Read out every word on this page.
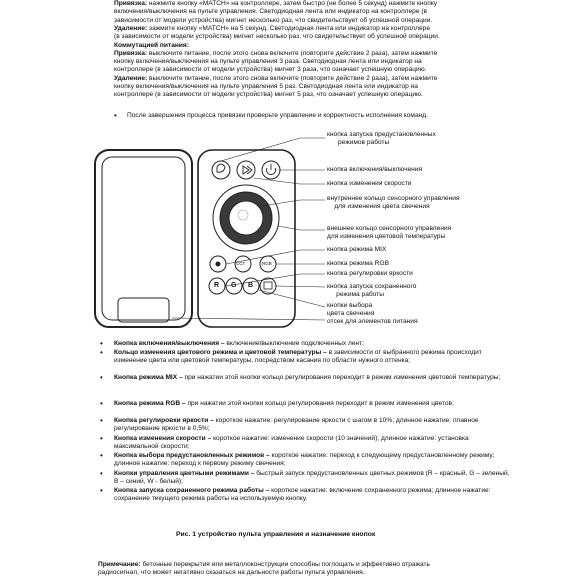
Привязка: нажмите кнопку «MATCH» на контроллере, затем быстро (не более 5 секунд) нажмите кнопку
включения/выключения на пульте управления. Светодиодная лента или индикатор на контроллере (в
зависимости от модели устройства) мигнет несколько раз, что свидетельствует об успешной операции.
Удаление: зажмите кнопку «MATCH» на 5 секунд. Светодиодная лента или индикатор на контроллере
(в зависимости от модели устройства) мигнет несколько раз, что свидетельствует об успешной операции.
Коммутацией питания:
Привязка: выключите питание, после этого снова включите (повторите действие 2 раза), затем нажмите
кнопку включения/выключения на пульте управления 3 раза. Светодиодная лента или индикатор на
контроллере (в зависимости от модели устройства) мигнет 3 раза, что означает успешную операцию.
Удаление: выключите питание, после этого снова включите (повторите действие 2 раза), затем нажмите
кнопку включения/выключения на пульте управления 5 раз. Светодиодная лента или индикатор на
контроллере (в зависимости от модели устройства) мигнет 5 раз, что означает успешную операцию.
• После завершения процесса привязки проверьте управление и корректность исполнения команд.
CCT	RGB
R G B
кнопка запуска предустановленных
режимов работы
кнопка включения/выключения
кнопка изменения скорости
внутреннее кольцо сенсорного управления
для изменения цвета свечения
внешнее кольцо сенсорного управления
для изменения цветовой температуры
кнопка режима MIX
кнопка режима RGB
кнопка регулировки яркости
кнопка запуска сохраненного
режима работы
кнопки выбора
цвета свечения
отсек для элементов питания
• Кнопка включения/выключения – включение/выключение подключенных лент;
• Кольцо изменения цветового режима и цветовой температуры – в зависимости от выбранного режима происходит изменение цвета или цветовой температуры, посредством касания по области нужного оттенка;
• Кнопка режима MIX – при нажатии этой кнопки кольцо регулирования переходит в режим изменения цветовой температуры;
• Кнопка режима RGB – при нажатии этой кнопки кольцо регулирования переходит в режим изменения цветов;
• Кнопка регулировки яркости – короткое нажатие: регулирование яркости с шагом в 10%; длинное нажатие: плавное регулирование яркости в 0,5%;
• Кнопка изменения скорости – короткое нажатие: изменение скорости (10 значений); длинное нажатие: установка максимальной скорости;
• Кнопка выбора предустановленных режимов – короткое нажатие: переход к следующему предустановленному режиму; длинное нажатие: переход к первому режиму свечения;
• Кнопки управления цветными режимами – быстрый запуск предустановленных цветных режимов (R – красный, G – зеленый, B – синий, W - белый);
• Кнопка запуска сохраненного режима работы – короткое нажатие: включение сохраненного режима; длинное нажатие: сохранение текущего режима работы на используемую кнопку.
Рис. 1 устройство пульта управления и назначение кнопок
Примечание: бетонные перекрытия или металлоконструкции способны поглощать и эффективно отражать
радиосигнал, что может негативно сказаться на дальности работы пульта управления.
